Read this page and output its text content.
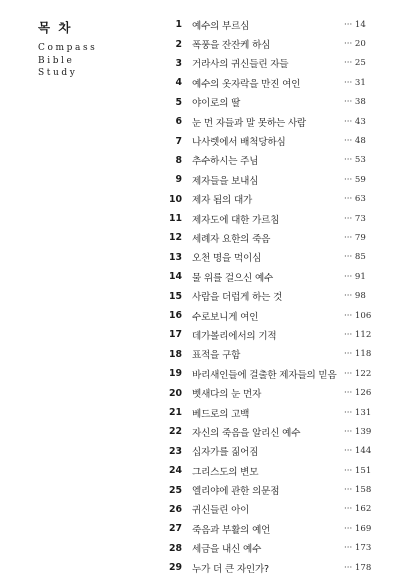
목 차
Compass
Bible
Study
1 예수의 부르심	··· 14
2 폭풍을 잔잔케 하심	··· 20
3 거라사의 귀신들린 자들	··· 25
4 예수의 옷자락을 만진 여인	··· 31
5 야이로의 딸	··· 38
6 눈 먼 자들과 말 못하는 사람	··· 43
7 나사렛에서 배척당하심	··· 48
8 추수하시는 주님	··· 53
9 제자들을 보내심	··· 59
10 제자 됨의 대가	··· 63
11 제자도에 대한 가르침	··· 73
12 세례자 요한의 죽음	··· 79
13 오천 명을 먹이심	··· 85
14 물 위를 걸으신 예수	··· 91
15 사람을 더럽게 하는 것	··· 98
16 수로보니게 여인	··· 106
17 데가볼리에서의 기적	··· 112
18 표적을 구함	··· 118
19 바리새인들에 걸출한 제자들의 믿음 ··· 122
20 벳새다의 눈 먼자	··· 126
21 베드로의 고백	··· 131
22 자신의 죽음을 알리신 예수	··· 139
23 십자가를 짊어짐	··· 144
24 그리스도의 변모	··· 151
25 엘리야에 관한 의문점	··· 158
26 귀신들린 아이	··· 162
27 죽음과 부활의 예언	··· 169
28 세금을 내신 예수	··· 173
29 누가 더 큰 자인가?	··· 178
